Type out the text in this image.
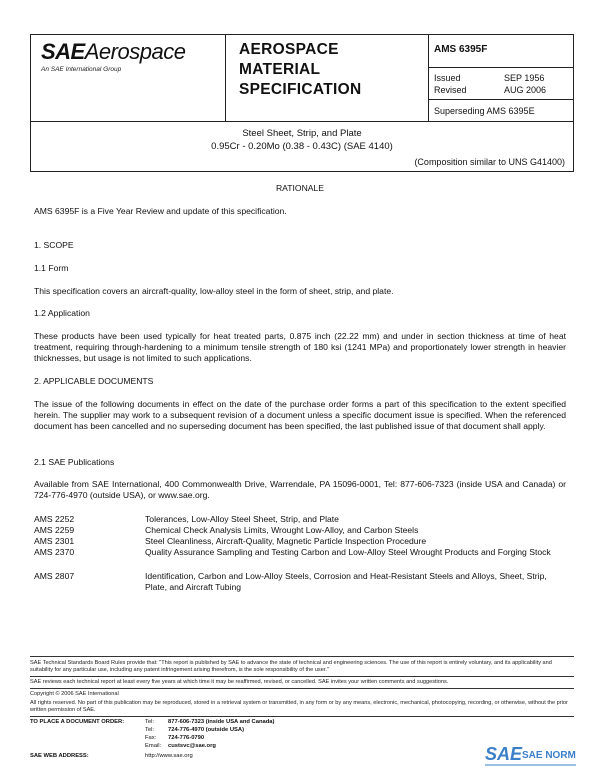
SAEAerospace
An SAE International Group
AEROSPACE
MATERIAL
SPECIFICATION
AMS 6395F
Issued	SEP 1956
Revised	AUG 2006
Superseding AMS 6395E
Steel Sheet, Strip, and Plate
0.95Cr - 0.20Mo (0.38 - 0.43C) (SAE 4140)
(Composition similar to UNS G41400)
RATIONALE
AMS 6395F is a Five Year Review and update of this specification.
1. SCOPE
1.1 Form
This specification covers an aircraft-quality, low-alloy steel in the form of sheet, strip, and plate.
1.2 Application
These products have been used typically for heat treated parts, 0.875 inch (22.22 mm) and under in section thickness at time of heat treatment, requiring through-hardening to a minimum tensile strength of 180 ksi (1241 MPa) and proportionately lower strength in heavier thicknesses, but usage is not limited to such applications.
2. APPLICABLE DOCUMENTS
The issue of the following documents in effect on the date of the purchase order forms a part of this specification to the extent specified herein. The supplier may work to a subsequent revision of a document unless a specific document issue is specified. When the referenced document has been cancelled and no superseding document has been specified, the last published issue of that document shall apply.
2.1 SAE Publications
Available from SAE International, 400 Commonwealth Drive, Warrendale, PA 15096-0001, Tel: 877-606-7323 (inside USA and Canada) or 724-776-4970 (outside USA), or www.sae.org.
AMS 2252	Tolerances, Low-Alloy Steel Sheet, Strip, and Plate
AMS 2259	Chemical Check Analysis Limits, Wrought Low-Alloy, and Carbon Steels
AMS 2301	Steel Cleanliness, Aircraft-Quality, Magnetic Particle Inspection Procedure
AMS 2370	Quality Assurance Sampling and Testing Carbon and Low-Alloy Steel Wrought Products and Forging Stock
AMS 2807	Identification, Carbon and Low-Alloy Steels, Corrosion and Heat-Resistant Steels and Alloys, Sheet, Strip, Plate, and Aircraft Tubing
SAE Technical Standards Board Rules provide that: "This report is published by SAE to advance the state of technical and engineering sciences. The use of this report is entirely voluntary, and its applicability and suitability for any particular use, including any patent infringement arising therefrom, is the sole responsibility of the user."
SAE reviews each technical report at least every five years at which time it may be reaffirmed, revised, or cancelled. SAE invites your written comments and suggestions.
Copyright © 2006 SAE International
All rights reserved. No part of this publication may be reproduced, stored in a retrieval system or transmitted, in any form or by any means, electronic, mechanical, photocopying, recording, or otherwise, without the prior written permission of SAE.
TO PLACE A DOCUMENT ORDER:	Tel: 877-606-7323 (inside USA and Canada)
Tel: 724-776-4970 (outside USA)
Fax: 724-776-0790
Email: custsvc@sae.org
SAE WEB ADDRESS:	http://www.sae.org	SAE SAE NORM
